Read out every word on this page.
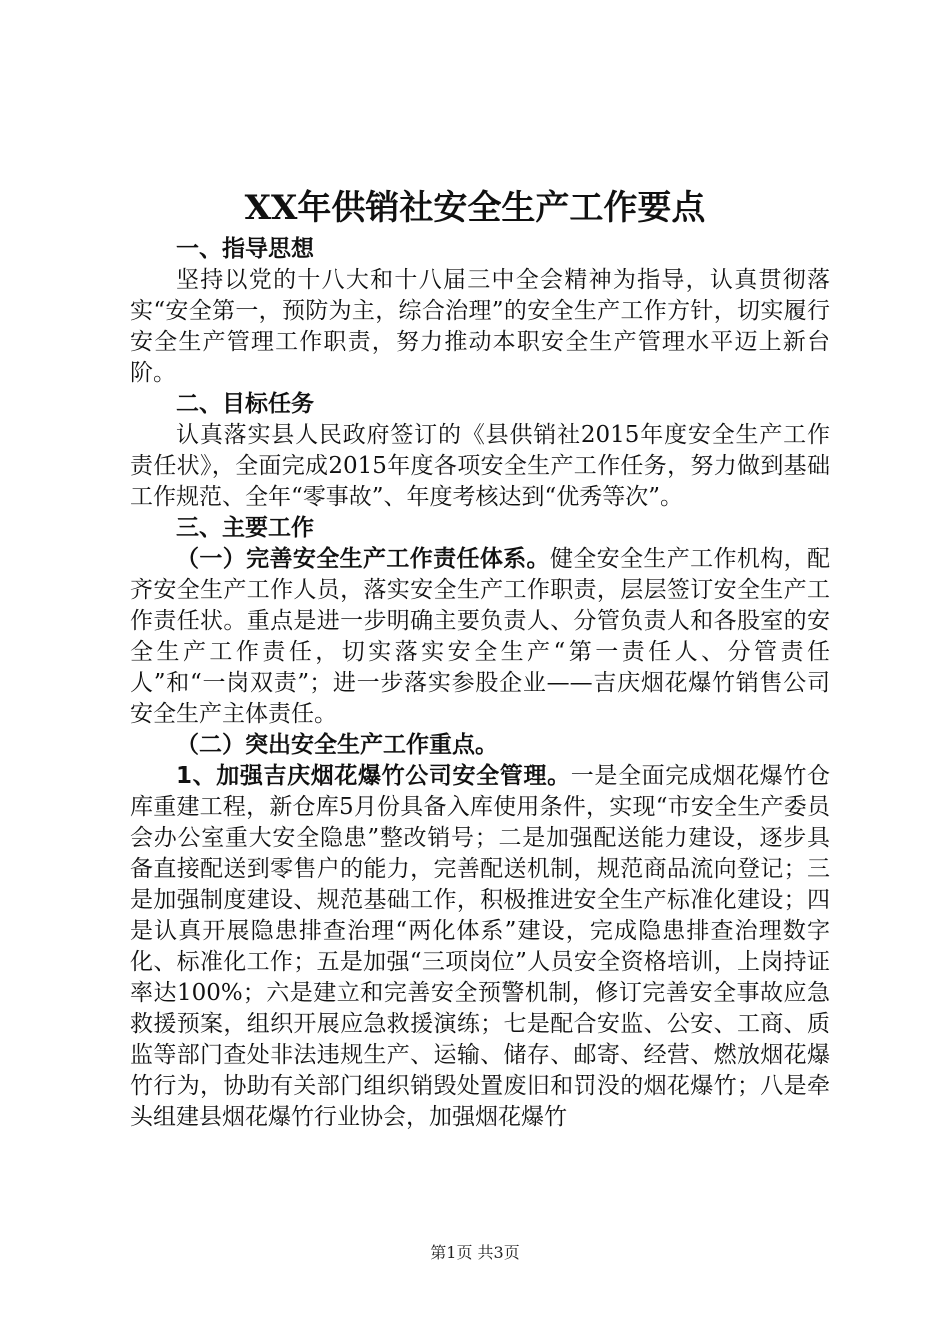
XX年供销社安全生产工作要点

一、指导思想

坚持以党的十八大和十八届三中全会精神为指导，认真贯彻落实“安全第一，预防为主，综合治理”的安全生产工作方针，切实履行安全生产管理工作职责，努力推动本职安全生产管理水平迈上新台阶。

二、目标任务

认真落实县人民政府签订的《县供销社2015年度安全生产工作责任状》，全面完成2015年度各项安全生产工作任务，努力做到基础工作规范、全年“零事故”、年度考核达到“优秀等次”。

三、主要工作

（一）完善安全生产工作责任体系。健全安全生产工作机构，配齐安全生产工作人员，落实安全生产工作职责，层层签订安全生产工作责任状。重点是进一步明确主要负责人、分管负责人和各股室的安全生产工作责任，切实落实安全生产“第一责任人、分管责任人”和“一岗双责”；进一步落实参股企业——吉庆烟花爆竹销售公司安全生产主体责任。

（二）突出安全生产工作重点。

1、加强吉庆烟花爆竹公司安全管理。一是全面完成烟花爆竹仓库重建工程，新仓库5月份具备入库使用条件，实现“市安全生产委员会办公室重大安全隐患”整改销号；二是加强配送能力建设，逐步具备直接配送到零售户的能力，完善配送机制，规范商品流向登记；三是加强制度建设、规范基础工作，积极推进安全生产标准化建设；四是认真开展隐患排查治理“两化体系”建设，完成隐患排查治理数字化、标准化工作；五是加强“三项岗位”人员安全资格培训，上岗持证率达100%；六是建立和完善安全预警机制，修订完善安全事故应急救援预案，组织开展应急救援演练；七是配合安监、公安、工商、质监等部门查处非法违规生产、运输、储存、邮寄、经营、燃放烟花爆竹行为，协助有关部门组织销毁处置废旧和罚没的烟花爆竹；八是牵头组建县烟花爆竹行业协会，加强烟花爆竹

第1页 共3页
